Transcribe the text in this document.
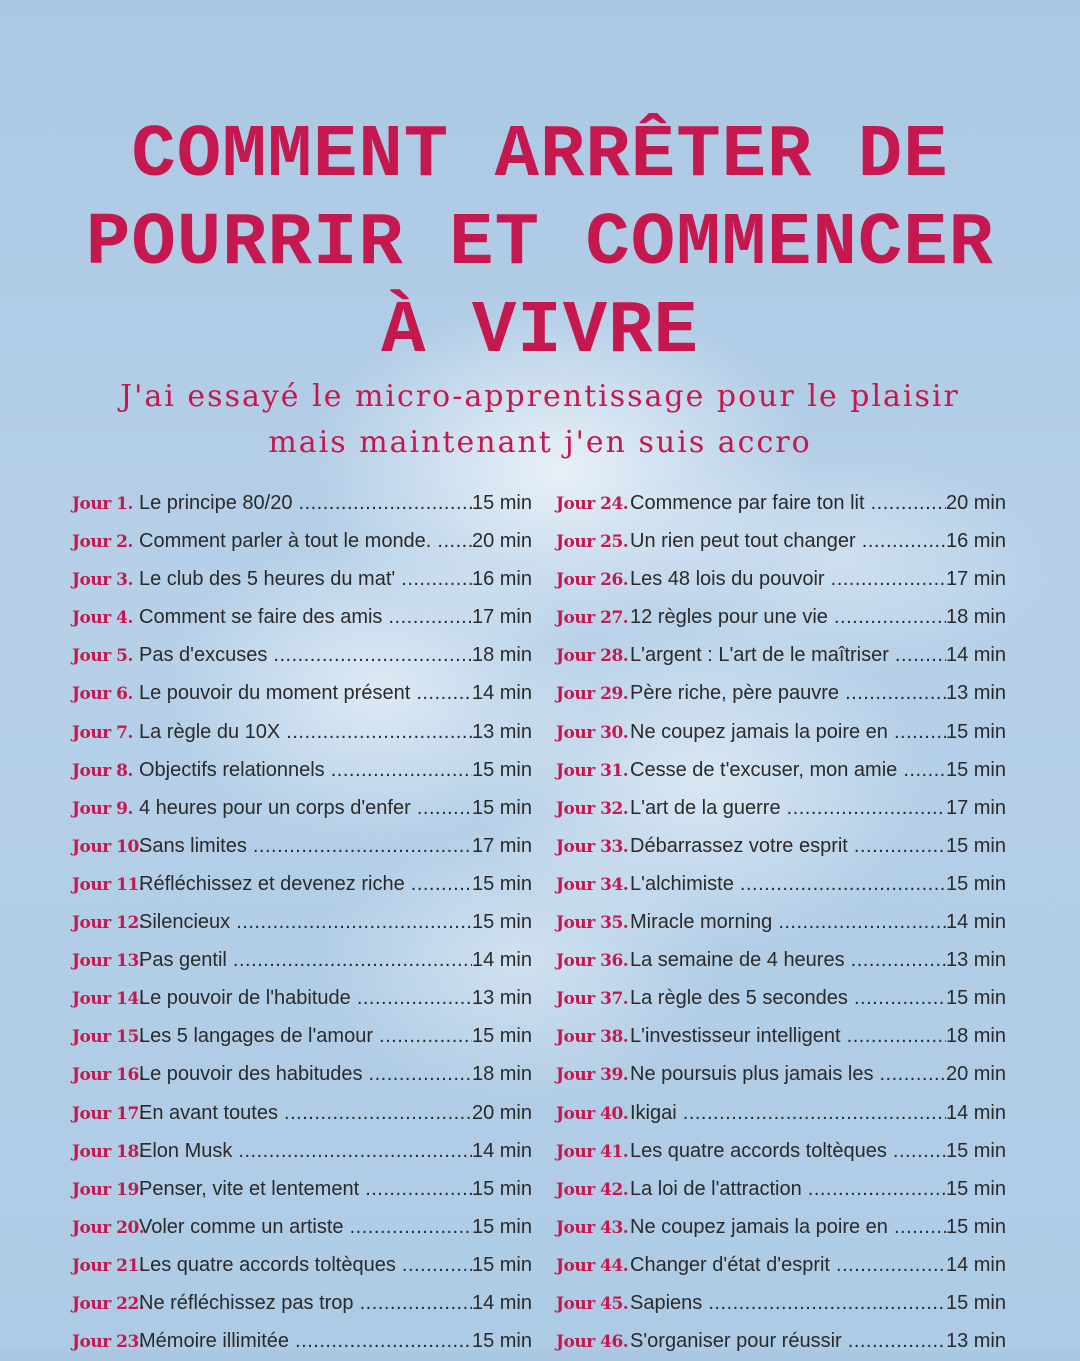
COMMENT ARRÊTER DE
POURRIR ET COMMENCER
À VIVRE

J'ai essayé le micro-apprentissage pour le plaisir
mais maintenant j'en suis accro

Jour 1. Le principe 80/20 .....	15 min
Jour 2. Comment parler à tout le monde. .....	20 min
Jour 3. Le club des 5 heures du mat' .....	16 min
Jour 4. Comment se faire des amis .....	17 min
Jour 5. Pas d'excuses .....	18 min
Jour 6. Le pouvoir du moment présent .....	14 min
Jour 7. La règle du 10X .....	13 min
Jour 8. Objectifs relationnels .....	15 min
Jour 9. 4 heures pour un corps d'enfer .....	15 min
Jour 10.
Sans limites .....	17 min
Jour 11.
Réfléchissez et devenez riche .....	15 min
Jour 12.
Silencieux .....	15 min
Jour 13.
Pas gentil .....	14 min
Jour 14.
Le pouvoir de l'habitude .....	13 min
Jour 15.
Les 5 langages de l'amour .....	15 min
Jour 16.
Le pouvoir des habitudes .....	18 min
Jour 17.
En avant toutes .....	20 min
Jour 18.
Elon Musk .....	14 min
Jour 19.
Penser, vite et lentement .....	15 min
Jour 20.
Voler comme un artiste .....	15 min
Jour 21.
Les quatre accords toltèques .....	15 min
Jour 22.
Ne réfléchissez pas trop .....	14 min
Jour 23.
Mémoire illimitée .....	15 min
Jour 24. Commence par faire ton lit .....	20 min
Jour 25. Un rien peut tout changer .....	16 min
Jour 26. Les 48 lois du pouvoir .....	17 min
Jour 27. 12 règles pour une vie .....	18 min
Jour 28. L'argent : L'art de le maîtriser .....	14 min
Jour 29. Père riche, père pauvre .....	13 min
Jour 30. Ne coupez jamais la poire en .....	15 min
Jour 31. Cesse de t'excuser, mon amie .....	15 min
Jour 32. L'art de la guerre .....	17 min
Jour 33. Débarrassez votre esprit .....	15 min
Jour 34. L'alchimiste .....	15 min
Jour 35. Miracle morning .....	14 min
Jour 36. La semaine de 4 heures .....	13 min
Jour 37. La règle des 5 secondes .....	15 min
Jour 38. L'investisseur intelligent .....	18 min
Jour 39. Ne poursuis plus jamais les .....	20 min
Jour 40. Ikigai .....	14 min
Jour 41. Les quatre accords toltèques .....	15 min
Jour 42. La loi de l'attraction .....	15 min
Jour 43. Ne coupez jamais la poire en .....	15 min
Jour 44. Changer d'état d'esprit .....	14 min
Jour 45. Sapiens .....	15 min
Jour 46. S'organiser pour réussir .....	13 min
